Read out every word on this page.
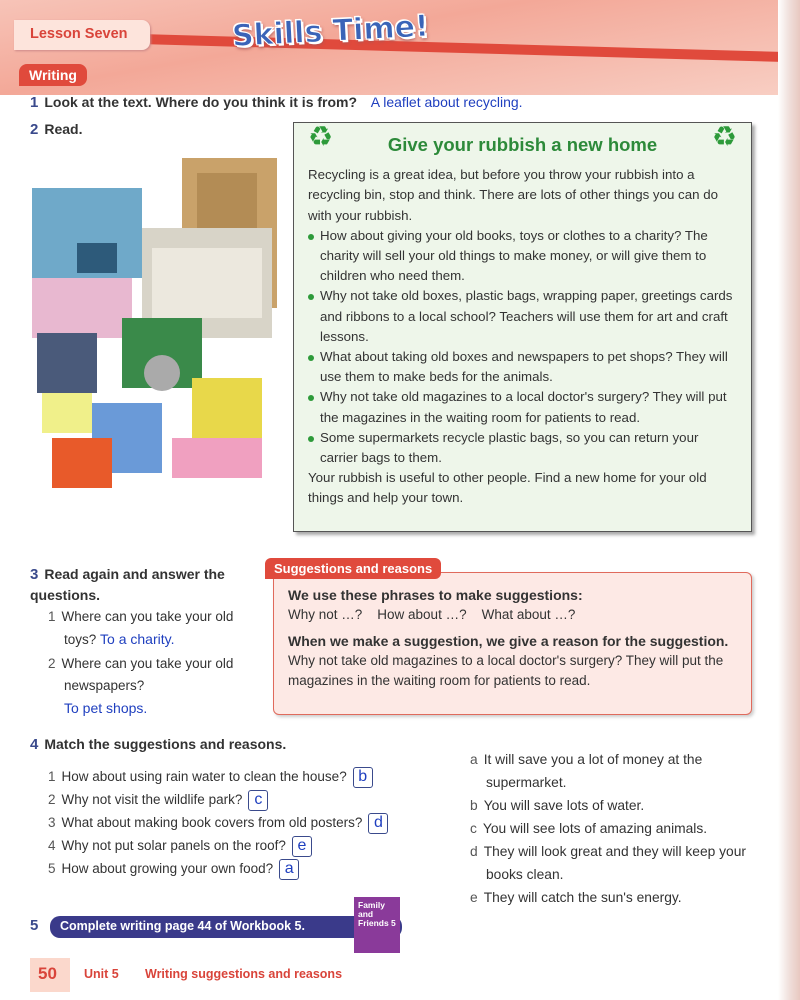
Lesson Seven	Skills Time!
Writing
1 Look at the text. Where do you think it is from? A leaflet about recycling.
2 Read.	♻	♻
Give your rubbish a new home

Recycling is a great idea, but before you throw your rubbish into a recycling bin, stop and think. There are lots of other things you can do with your rubbish.

How about giving your old books, toys or clothes to a charity? The charity will sell your old things to make money, or will give them to children who need them.
Why not take old boxes, plastic bags, wrapping paper, greetings cards and ribbons to a local school? Teachers will use them for art and craft lessons.
What about taking old boxes and newspapers to pet shops? They will use them to make beds for the animals.
Why not take old magazines to a local doctor's surgery? They will put the magazines in the waiting room for patients to read.
Some supermarkets recycle plastic bags, so you can return your carrier bags to them.

Your rubbish is useful to other people. Find a new home for your old things and help your town.

3 Read again and answer the questions.
1 Where can you take your old toys? To a charity.
2 Where can you take your old newspapers?
To pet shops.
We use these phrases to make suggestions:
Why not …?    How about …?    What about …?
When we make a suggestion, we give a reason for the suggestion.
Why not take old magazines to a local doctor's surgery? They will put the magazines in the waiting room for patients to read.
Suggestions and reasons
4 Match the suggestions and reasons.
1 How about using rain water to clean the house? b
2 Why not visit the wildlife park? c
3 What about making book covers from old posters? d
4 Why not put solar panels on the roof? e
5 How about growing your own food? a
a It will save you a lot of money at the supermarket.
b You will save lots of water.
c You will see lots of amazing animals.
d They will look great and they will keep your books clean.
e They will catch the sun's energy.
5	Complete writing page 44 of Workbook 5.
Family and Friends 5
50	Unit 5 Writing suggestions and reasons
